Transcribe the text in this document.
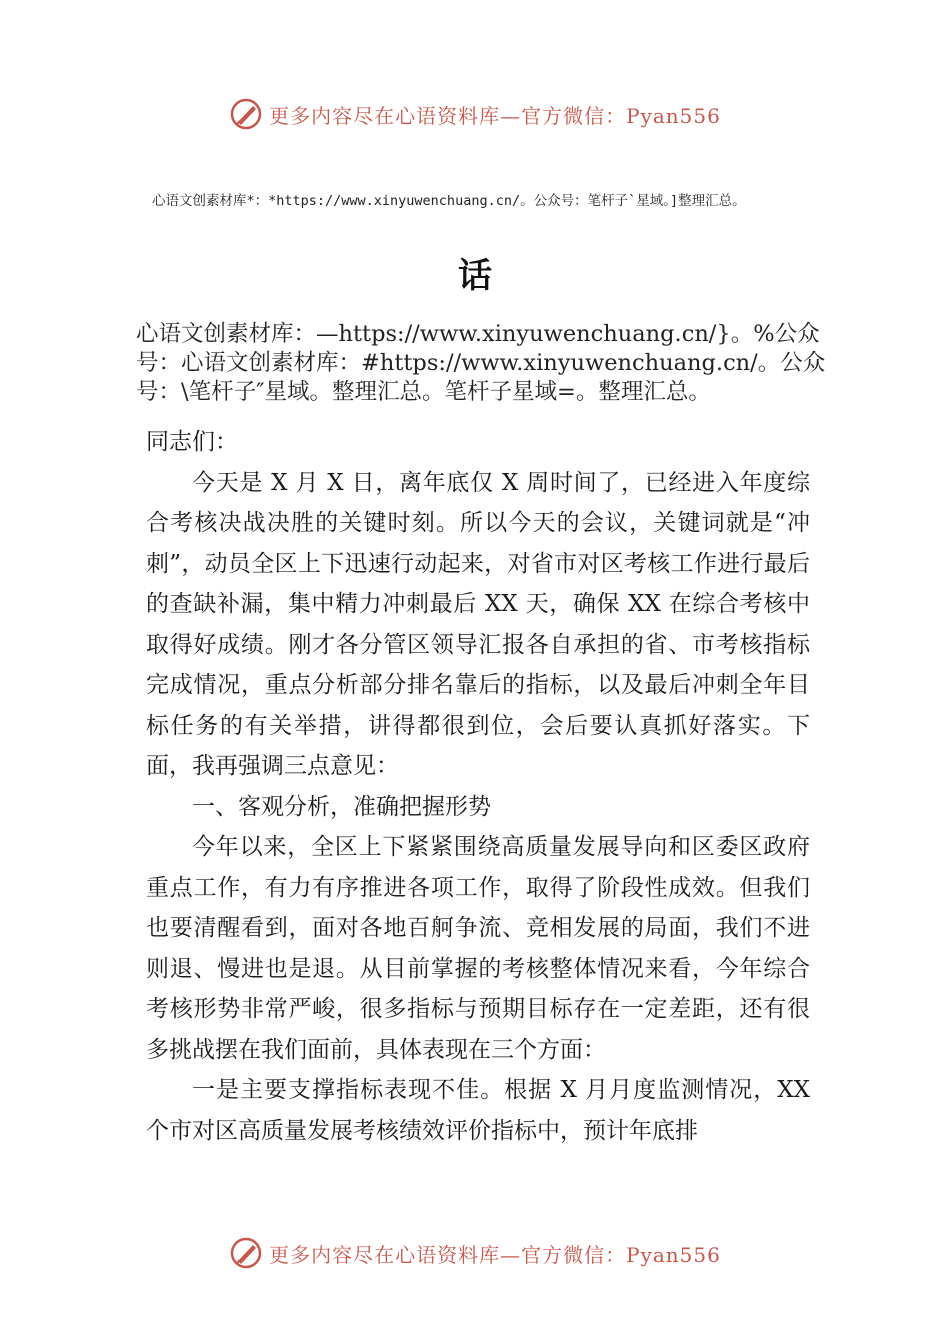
更多内容尽在心语资料库—官方微信：Pyan556
心语文创素材库*：*https://www.xinyuwenchuang.cn/。公众号：笔杆子`星域。]整理汇总。
话
心语文创素材库：—https://www.xinyuwenchuang.cn/}。%公众号：心语文创素材库：#https://www.xinyuwenchuang.cn/。公众号：\笔杆子″星域。整理汇总。笔杆子星域=。整理汇总。

同志们：

今天是 X 月 X 日，离年底仅 X 周时间了，已经进入年度综合考核决战决胜的关键时刻。所以今天的会议，关键词就是“冲刺”，动员全区上下迅速行动起来，对省市对区考核工作进行最后的查缺补漏，集中精力冲刺最后 XX 天，确保 XX 在综合考核中取得好成绩。刚才各分管区领导汇报各自承担的省、市考核指标完成情况，重点分析部分排名靠后的指标，以及最后冲刺全年目标任务的有关举措，讲得都很到位，会后要认真抓好落实。下面，我再强调三点意见：

一、客观分析，准确把握形势

今年以来，全区上下紧紧围绕高质量发展导向和区委区政府重点工作，有力有序推进各项工作，取得了阶段性成效。但我们也要清醒看到，面对各地百舸争流、竞相发展的局面，我们不进则退、慢进也是退。从目前掌握的考核整体情况来看，今年综合考核形势非常严峻，很多指标与预期目标存在一定差距，还有很多挑战摆在我们面前，具体表现在三个方面：

一是主要支撑指标表现不佳。根据 X 月月度监测情况，XX 个市对区高质量发展考核绩效评价指标中，预计年底排

更多内容尽在心语资料库—官方微信：Pyan556
